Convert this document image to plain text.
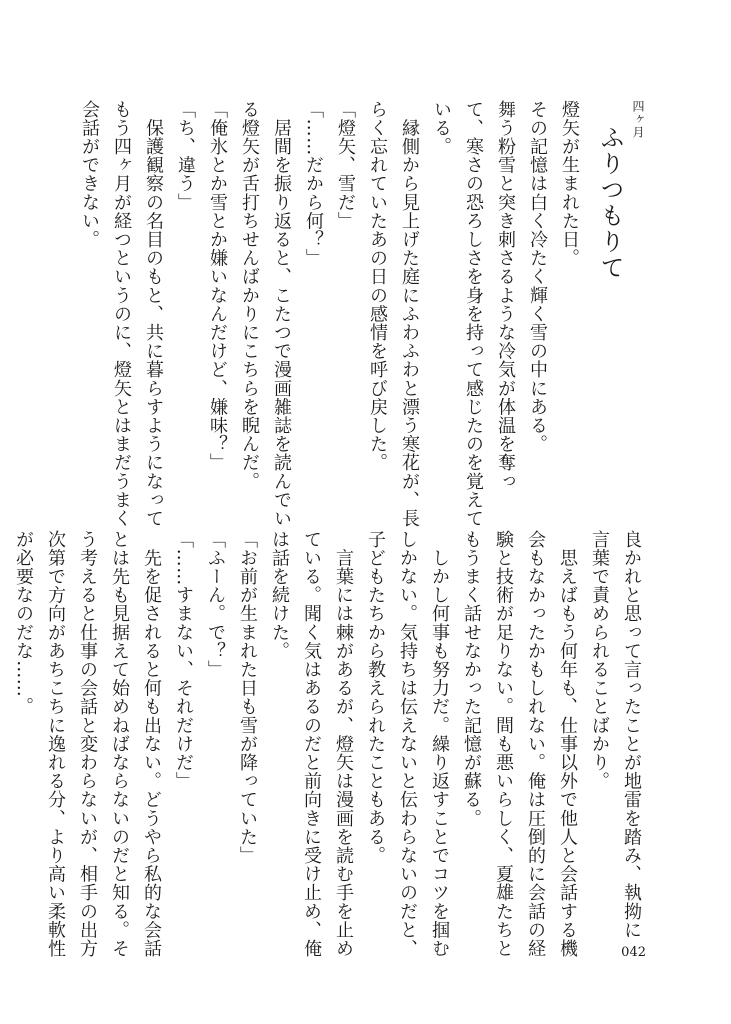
四ヶ月
ふりつもりて
燈矢が生まれた日。
その記憶は白く冷たく輝く雪の中にある。
舞う粉雪と突き刺さるような冷気が体温を奪っ
て、寒さの恐ろしさを身を持って感じたのを覚えて
いる。
　縁側から見上げた庭にふわふわと漂う寒花が、長
らく忘れていたあの日の感情を呼び戻した。
「燈矢、雪だ」
「……だから何？」
　居間を振り返ると、こたつで漫画雑誌を読んでい
る燈矢が舌打ちせんばかりにこちらを睨んだ。
「俺氷とか雪とか嫌いなんだけど、嫌味？」
「ち、違う」
　保護観察の名目のもと、共に暮らすようになって
もう四ヶ月が経つというのに、燈矢とはまだうまく
会話ができない。
良かれと思って言ったことが地雷を踏み、執拗に
言葉で責められることばかり。
　思えばもう何年も、仕事以外で他人と会話する機
会もなかったかもしれない。俺は圧倒的に会話の経
験と技術が足りない。間も悪いらしく、夏雄たちと
もうまく話せなかった記憶が蘇る。
　しかし何事も努力だ。繰り返すことでコツを掴む
しかない。気持ちは伝えないと伝わらないのだと、
子どもたちから教えられたこともある。
　言葉には棘があるが、燈矢は漫画を読む手を止め
ている。聞く気はあるのだと前向きに受け止め、俺
は話を続けた。
「お前が生まれた日も雪が降っていた」
「ふーん。で？」
「……すまない、それだけだ」
　先を促されると何も出ない。どうやら私的な会話
とは先も見据えて始めねばならないのだと知る。そ
う考えると仕事の会話と変わらないが、相手の出方
次第で方向があちこちに逸れる分、より高い柔軟性
が必要なのだな……。
042
